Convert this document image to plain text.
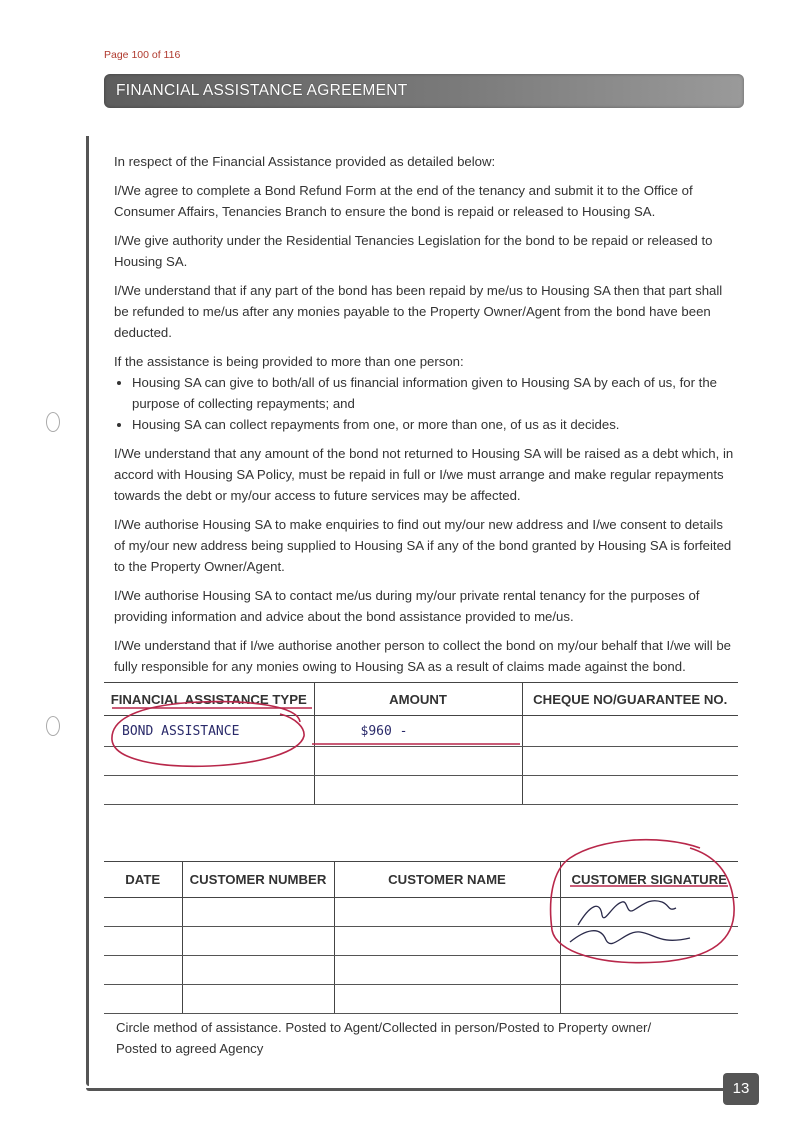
Page 100 of 116
FINANCIAL ASSISTANCE AGREEMENT

In respect of the Financial Assistance provided as detailed below:

I/We agree to complete a Bond Refund Form at the end of the tenancy and submit it to the Office of Consumer Affairs, Tenancies Branch to ensure the bond is repaid or released to Housing SA.

I/We give authority under the Residential Tenancies Legislation for the bond to be repaid or released to Housing SA.

I/We understand that if any part of the bond has been repaid by me/us to Housing SA then that part shall be refunded to me/us after any monies payable to the Property Owner/Agent from the bond have been deducted.

If the assistance is being provided to more than one person:

• Housing SA can give to both/all of us financial information given to Housing SA by each of us, for the purpose of collecting repayments; and
• Housing SA can collect repayments from one, or more than one, of us as it decides.

I/We understand that any amount of the bond not returned to Housing SA will be raised as a debt which, in accord with Housing SA Policy, must be repaid in full or I/we must arrange and make regular repayments towards the debt or my/our access to future services may be affected.

I/We authorise Housing SA to make enquiries to find out my/our new address and I/we consent to details of my/our new address being supplied to Housing SA if any of the bond granted by Housing SA is forfeited to the Property Owner/Agent.

I/We authorise Housing SA to contact me/us during my/our private rental tenancy for the purposes of providing information and advice about the bond assistance provided to me/us.

I/We understand that if I/we authorise another person to collect the bond on my/our behalf that I/we will be fully responsible for any monies owing to Housing SA as a result of claims made against the bond.

FINANCIAL ASSISTANCE TYPE	AMOUNT	CHEQUE NO/GUARANTEE NO.
BOND ASSISTANCE	$960 -	

DATE	CUSTOMER NUMBER	CUSTOMER NAME	CUSTOMER SIGNATURE

Circle method of assistance. Posted to Agent/Collected in person/Posted to Property owner/ Posted to agreed Agency
13
